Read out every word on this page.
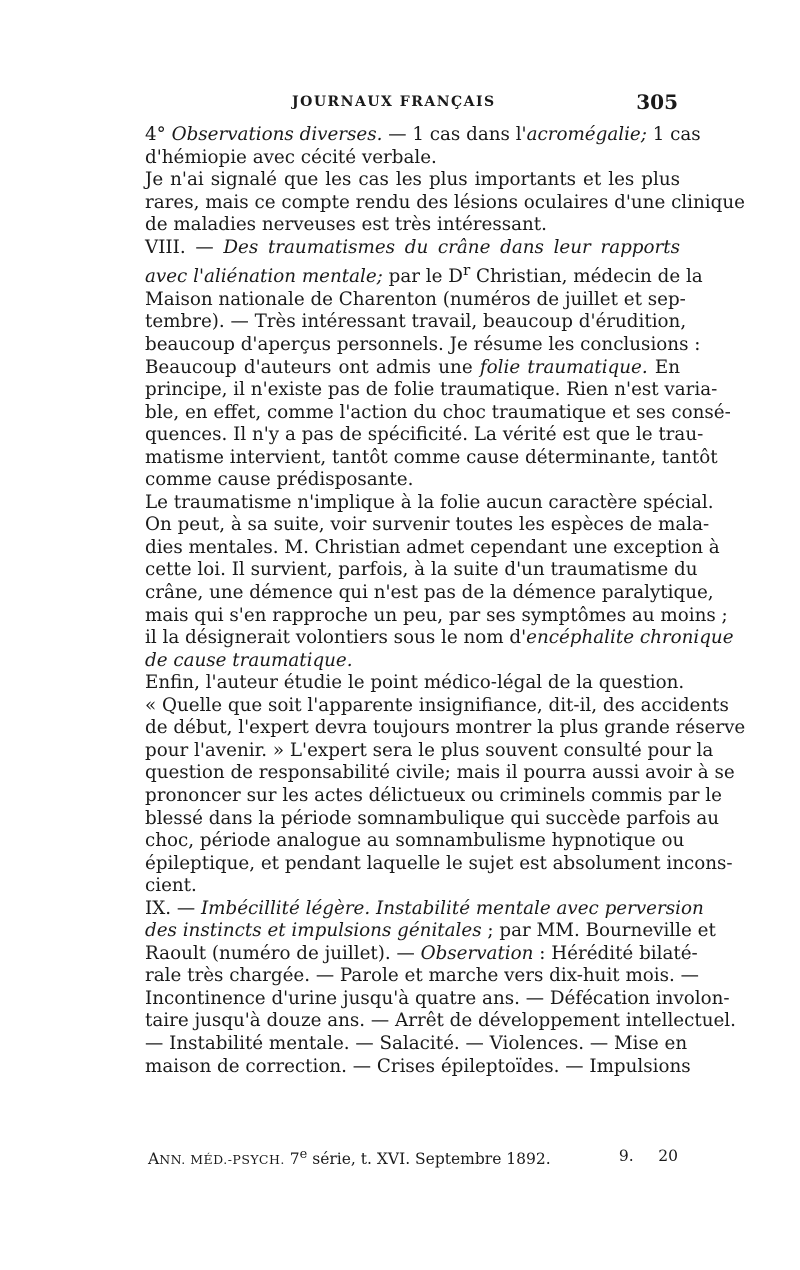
JOURNAUX FRANÇAIS	305

4° Observations diverses. — 1 cas dans l'acromégalie; 1 cas
d'hémiopie avec cécité verbale.

Je n'ai signalé que les cas les plus importants et les plus
rares, mais ce compte rendu des lésions oculaires d'une clinique
de maladies nerveuses est très intéressant.

VIII. — Des traumatismes du crâne dans leur rapports
avec l'aliénation mentale; par le $D^r$ Christian, médecin de la
Maison nationale de Charenton (numéros de juillet et sep-
tembre). — Très intéressant travail, beaucoup d'érudition,
beaucoup d'aperçus personnels. Je résume les conclusions :

Beaucoup d'auteurs ont admis une folie traumatique. En
principe, il n'existe pas de folie traumatique. Rien n'est varia-
ble, en effet, comme l'action du choc traumatique et ses consé-
quences. Il n'y a pas de spécificité. La vérité est que le trau-
matisme intervient, tantôt comme cause déterminante, tantôt
comme cause prédisposante.

Le traumatisme n'implique à la folie aucun caractère spécial.
On peut, à sa suite, voir survenir toutes les espèces de mala-
dies mentales. M. Christian admet cependant une exception à
cette loi. Il survient, parfois, à la suite d'un traumatisme du
crâne, une démence qui n'est pas de la démence paralytique,
mais qui s'en rapproche un peu, par ses symptômes au moins ;
il la désignerait volontiers sous le nom d'encéphalite chronique
de cause traumatique.

Enfin, l'auteur étudie le point médico-légal de la question.
« Quelle que soit l'apparente insignifiance, dit-il, des accidents
de début, l'expert devra toujours montrer la plus grande réserve
pour l'avenir. » L'expert sera le plus souvent consulté pour la
question de responsabilité civile; mais il pourra aussi avoir à se
prononcer sur les actes délictueux ou criminels commis par le
blessé dans la période somnambulique qui succède parfois au
choc, période analogue au somnambulisme hypnotique ou
épileptique, et pendant laquelle le sujet est absolument incons-
cient.

IX. — Imbécillité légère. Instabilité mentale avec perversion
des instincts et impulsions génitales ; par MM. Bourneville et
Raoult (numéro de juillet). — Observation : Hérédité bilaté-
rale très chargée. — Parole et marche vers dix-huit mois. —
Incontinence d'urine jusqu'à quatre ans. — Défécation involon-
taire jusqu'à douze ans. — Arrêt de développement intellectuel.
— Instabilité mentale. — Salacité. — Violences. — Mise en
maison de correction. — Crises épileptoïdes. — Impulsions

ANN. MÉD.-PSYCH. 7e série, t. XVI. Septembre 1892.	9.     20
